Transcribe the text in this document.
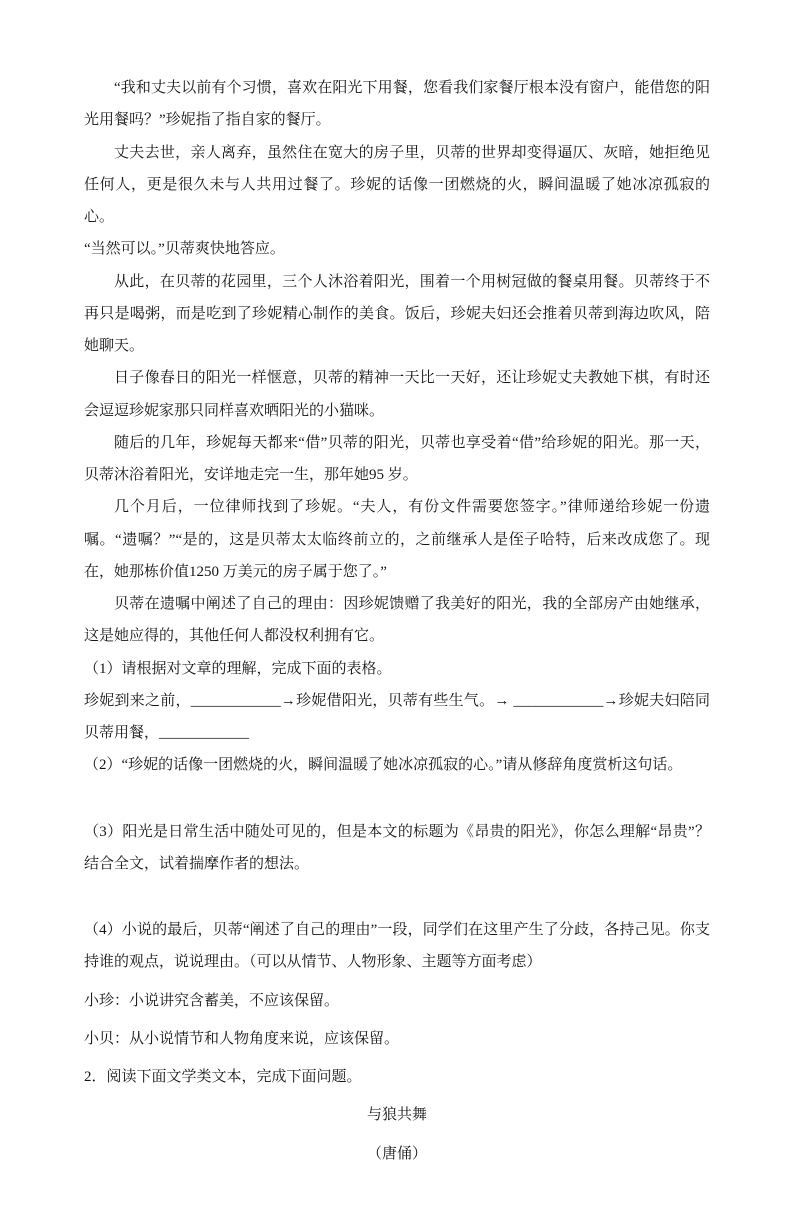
“我和丈夫以前有个习惯，喜欢在阳光下用餐，您看我们家餐厅根本没有窗户，能借您的阳光用餐吗？”珍妮指了指自家的餐厅。

丈夫去世，亲人离弃，虽然住在宽大的房子里，贝蒂的世界却变得逼仄、灰暗，她拒绝见任何人，更是很久未与人共用过餐了。珍妮的话像一团燃烧的火，瞬间温暖了她冰凉孤寂的心。

“当然可以。”贝蒂爽快地答应。

从此，在贝蒂的花园里，三个人沐浴着阳光，围着一个用树冠做的餐桌用餐。贝蒂终于不再只是喝粥，而是吃到了珍妮精心制作的美食。饭后，珍妮夫妇还会推着贝蒂到海边吹风，陪她聊天。

日子像春日的阳光一样惬意，贝蒂的精神一天比一天好，还让珍妮丈夫教她下棋，有时还会逗逗珍妮家那只同样喜欢晒阳光的小猫咪。

随后的几年，珍妮每天都来“借”贝蒂的阳光，贝蒂也享受着“借”给珍妮的阳光。那一天，贝蒂沐浴着阳光，安详地走完一生，那年她95 岁。

几个月后，一位律师找到了珍妮。“夫人，有份文件需要您签字。”律师递给珍妮一份遗嘱。“遗嘱？”“是的，这是贝蒂太太临终前立的，之前继承人是侄子哈特，后来改成您了。现在，她那栋价值1250 万美元的房子属于您了。”

贝蒂在遗嘱中阐述了自己的理由：因珍妮馈赠了我美好的阳光，我的全部房产由她继承，这是她应得的，其他任何人都没权利拥有它。

（1）请根据对文章的理解，完成下面的表格。

珍妮到来之前，____________→珍妮借阳光，贝蒂有些生气。→ ____________→珍妮夫妇陪同贝蒂用餐，____________

（2）“珍妮的话像一团燃烧的火，瞬间温暖了她冰凉孤寂的心。”请从修辞角度赏析这句话。

（3）阳光是日常生活中随处可见的，但是本文的标题为《昂贵的阳光》，你怎么理解“昂贵”？结合全文，试着揣摩作者的想法。

（4）小说的最后，贝蒂“阐述了自己的理由”一段，同学们在这里产生了分歧，各持己见。你支持谁的观点，说说理由。（可以从情节、人物形象、主题等方面考虑）

小珍：小说讲究含蓄美，不应该保留。

小贝：从小说情节和人物角度来说，应该保留。

2．阅读下面文学类文本，完成下面问题。

与狼共舞

（唐俑）
